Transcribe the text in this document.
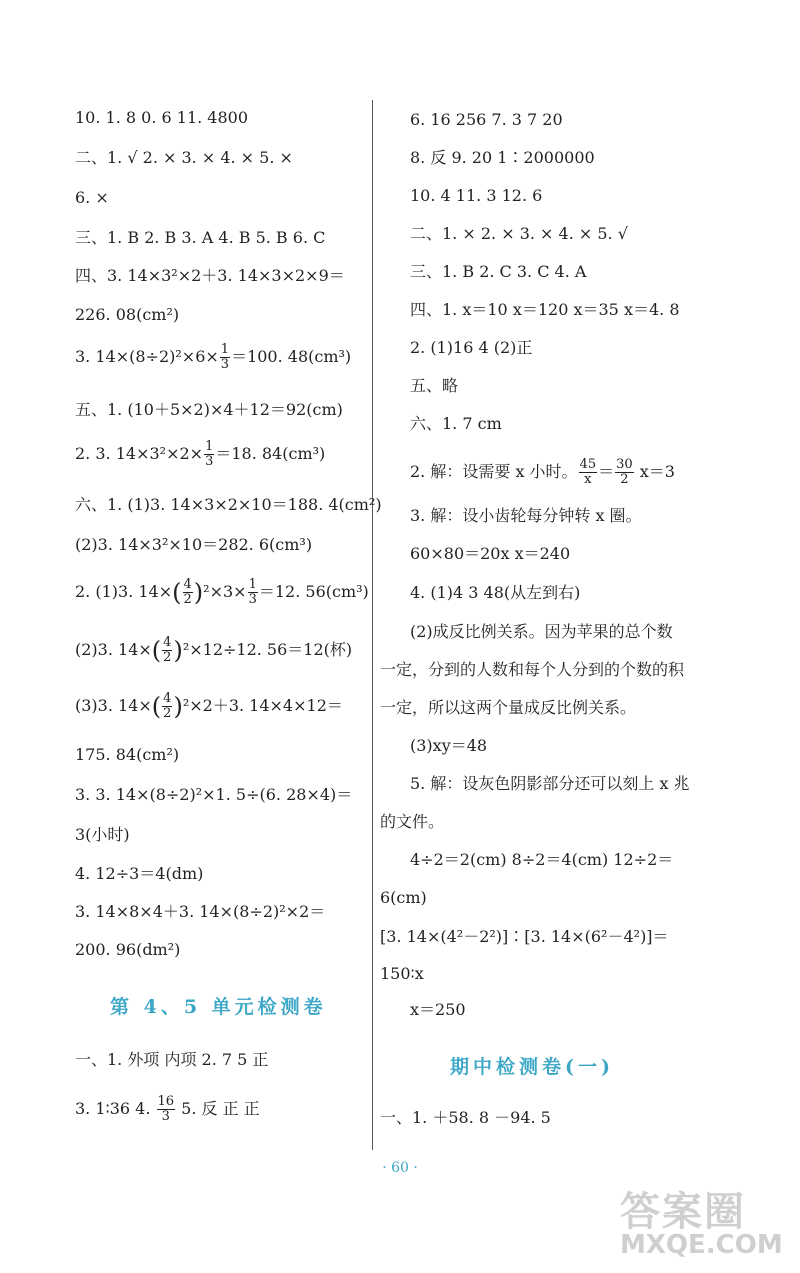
10. 1. 8 0. 6 11. 4800
二、1. √ 2. × 3. × 4. × 5. ×
6. ×
三、1. B 2. B 3. A 4. B 5. B 6. C
四、3. 14×3²×2＋3. 14×3×2×9＝
226. 08(cm²)
3. $14\times(8\div 2)^2\times 6\times \frac{1}{3} =100$. 48(cm³)
五、1. (10＋5×2)×4＋12＝92(cm)
2. 3. $14\times 3^2\times 2\times \frac{1}{3} =18$. 84(cm³)
六、1. (1)3. 14×3×2×10＝188. 4(cm²)
(2)3. 14×3²×10＝282. 6(cm³)
2. (1)3. $14\times( \frac{4}{2} )^2\times 3\times \frac{1}{3} =12$. 56(cm³)
(2)3. $14\times( \frac{4}{2} )^2\times 12\div 12$. 56＝12(杯)
(3)3. $14\times( \frac{4}{2} )^2\times 2+3$. 14×4×12＝
175. 84(cm²)
3. 3. 14×(8÷2)²×1. 5÷(6. 28×4)＝
3(小时)
4. 12÷3＝4(dm)
3. 14×8×4＋3. 14×(8÷2)²×2＝
200. 96(dm²)
第 4、5 单元检测卷
一、1. 外项 内项 2. 7 5 正
3. 1∶36 4. $\frac{16}{3} 5$. 反 正 正
6. 16 256 7. 3 7 20
8. 反 9. 20 1∶2000000
10. 4 11. 3 12. 6
二、1. × 2. × 3. × 4. × 5. √
三、1. B 2. C 3. C 4. A
四、1. x＝10 x＝120 x＝35 x＝4. 8
2. (1)16 4 (2)正
五、略
六、1. 7 cm
2. 解：设需要 x 小时。 $\frac{45}{x} = \frac{30}{2} x=3$
3. 解：设小齿轮每分钟转 x 圈。
60×80＝20x x＝240
4. (1)4 3 48(从左到右)
(2)成反比例关系。因为苹果的总个数
一定，分到的人数和每个人分到的个数的积
一定，所以这两个量成反比例关系。
(3)xy＝48
5. 解：设灰色阴影部分还可以刻上 x 兆
的文件。
4÷2＝2(cm) 8÷2＝4(cm) 12÷2＝
6(cm)
[3. 14×(4²－2²)]∶[3. 14×(6²－4²)]＝
150∶x
x＝250
期中检测卷(一)
一、1. ＋58. 8 －94. 5
· 60 ·
答案圈
MXQE.COM
